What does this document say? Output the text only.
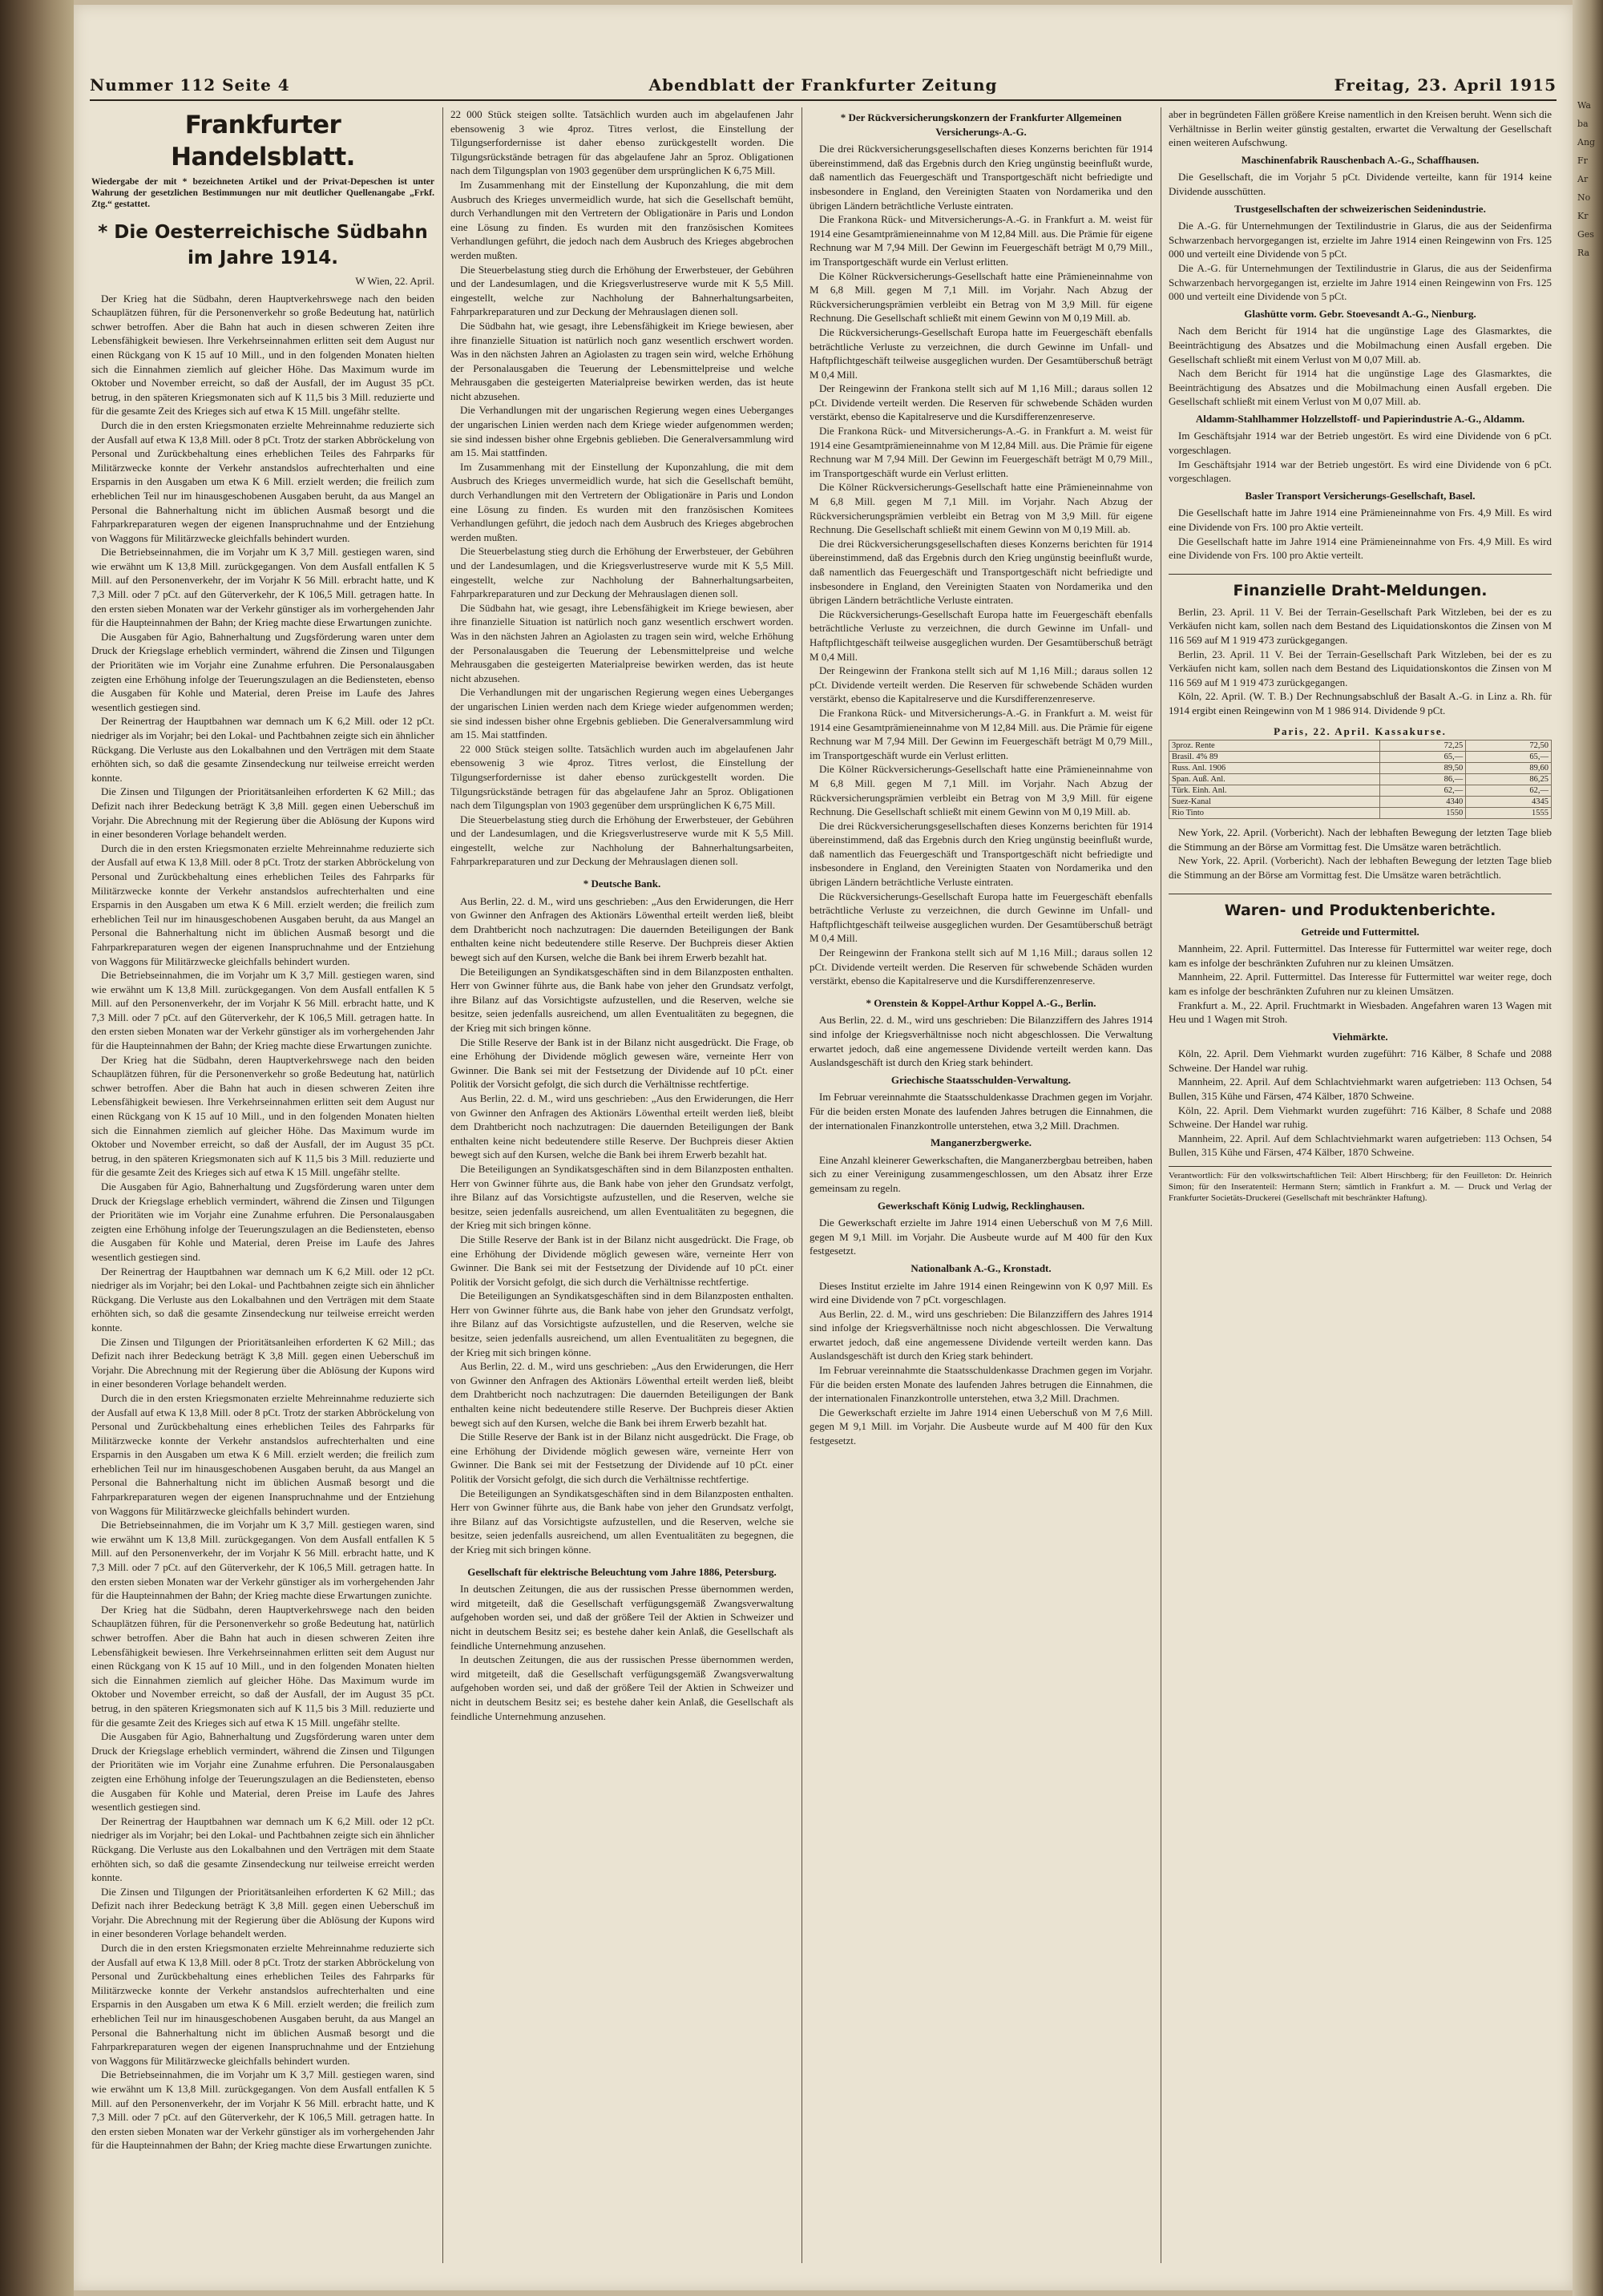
Nummer 112 Seite 4	Abendblatt der Frankfurter Zeitung	Freitag, 23. April 1915
Frankfurter Handelsblatt.
Wiedergabe der mit * bezeichneten Artikel und der Privat-Depeschen ist unter Wahrung der gesetzlichen Bestimmungen nur mit deutlicher Quellenangabe „Frkf. Ztg.“ gestattet.
* Die Oesterreichische Südbahn im Jahre 1914.
W Wien, 22. April.

Der Krieg hat die Südbahn, deren Hauptverkehrswege nach den beiden Schauplätzen führen, für die Personenverkehr so große Bedeutung hat, natürlich schwer betroffen. Aber die Bahn hat auch in diesen schweren Zeiten ihre Lebensfähigkeit bewiesen. Ihre Verkehrseinnahmen erlitten seit dem August nur einen Rückgang von K 15 auf 10 Mill., und in den folgenden Monaten hielten sich die Einnahmen ziemlich auf gleicher Höhe. Das Maximum wurde im Oktober und November erreicht, so daß der Ausfall, der im August 35 pCt. betrug, in den späteren Kriegsmonaten sich auf K 11,5 bis 3 Mill. reduzierte und für die gesamte Zeit des Krieges sich auf etwa K 15 Mill. ungefähr stellte.

Durch die in den ersten Kriegsmonaten erzielte Mehreinnahme reduzierte sich der Ausfall auf etwa K 13,8 Mill. oder 8 pCt. Trotz der starken Abbröckelung von Personal und Zurückbehaltung eines erheblichen Teiles des Fahrparks für Militärzwecke konnte der Verkehr anstandslos aufrechterhalten und eine Ersparnis in den Ausgaben um etwa K 6 Mill. erzielt werden; die freilich zum erheblichen Teil nur im hinausgeschobenen Ausgaben beruht, da aus Mangel an Personal die Bahnerhaltung nicht im üblichen Ausmaß besorgt und die Fahrparkreparaturen wegen der eigenen Inanspruchnahme und der Entziehung von Waggons für Militärzwecke gleichfalls behindert wurden.

Die Betriebseinnahmen, die im Vorjahr um K 3,7 Mill. gestiegen waren, sind wie erwähnt um K 13,8 Mill. zurückgegangen. Von dem Ausfall entfallen K 5 Mill. auf den Personenverkehr, der im Vorjahr K 56 Mill. erbracht hatte, und K 7,3 Mill. oder 7 pCt. auf den Güterverkehr, der K 106,5 Mill. getragen hatte. In den ersten sieben Monaten war der Verkehr günstiger als im vorhergehenden Jahr für die Haupteinnahmen der Bahn; der Krieg machte diese Erwartungen zunichte.

Die Ausgaben für Agio, Bahnerhaltung und Zugsförderung waren unter dem Druck der Kriegslage erheblich vermindert, während die Zinsen und Tilgungen der Prioritäten wie im Vorjahr eine Zunahme erfuhren. Die Personalausgaben zeigten eine Erhöhung infolge der Teuerungszulagen an die Bediensteten, ebenso die Ausgaben für Kohle und Material, deren Preise im Laufe des Jahres wesentlich gestiegen sind.

Der Reinertrag der Hauptbahnen war demnach um K 6,2 Mill. oder 12 pCt. niedriger als im Vorjahr; bei den Lokal- und Pachtbahnen zeigte sich ein ähnlicher Rückgang. Die Verluste aus den Lokalbahnen und den Verträgen mit dem Staate erhöhten sich, so daß die gesamte Zinsendeckung nur teilweise erreicht werden konnte.

Die Zinsen und Tilgungen der Prioritätsanleihen erforderten K 62 Mill.; das Defizit nach ihrer Bedeckung beträgt K 3,8 Mill. gegen einen Ueberschuß im Vorjahr. Die Abrechnung mit der Regierung über die Ablösung der Kupons wird in einer besonderen Vorlage behandelt werden.

Durch die in den ersten Kriegsmonaten erzielte Mehreinnahme reduzierte sich der Ausfall auf etwa K 13,8 Mill. oder 8 pCt. Trotz der starken Abbröckelung von Personal und Zurückbehaltung eines erheblichen Teiles des Fahrparks für Militärzwecke konnte der Verkehr anstandslos aufrechterhalten und eine Ersparnis in den Ausgaben um etwa K 6 Mill. erzielt werden; die freilich zum erheblichen Teil nur im hinausgeschobenen Ausgaben beruht, da aus Mangel an Personal die Bahnerhaltung nicht im üblichen Ausmaß besorgt und die Fahrparkreparaturen wegen der eigenen Inanspruchnahme und der Entziehung von Waggons für Militärzwecke gleichfalls behindert wurden.

Die Betriebseinnahmen, die im Vorjahr um K 3,7 Mill. gestiegen waren, sind wie erwähnt um K 13,8 Mill. zurückgegangen. Von dem Ausfall entfallen K 5 Mill. auf den Personenverkehr, der im Vorjahr K 56 Mill. erbracht hatte, und K 7,3 Mill. oder 7 pCt. auf den Güterverkehr, der K 106,5 Mill. getragen hatte. In den ersten sieben Monaten war der Verkehr günstiger als im vorhergehenden Jahr für die Haupteinnahmen der Bahn; der Krieg machte diese Erwartungen zunichte.

Der Krieg hat die Südbahn, deren Hauptverkehrswege nach den beiden Schauplätzen führen, für die Personenverkehr so große Bedeutung hat, natürlich schwer betroffen. Aber die Bahn hat auch in diesen schweren Zeiten ihre Lebensfähigkeit bewiesen. Ihre Verkehrseinnahmen erlitten seit dem August nur einen Rückgang von K 15 auf 10 Mill., und in den folgenden Monaten hielten sich die Einnahmen ziemlich auf gleicher Höhe. Das Maximum wurde im Oktober und November erreicht, so daß der Ausfall, der im August 35 pCt. betrug, in den späteren Kriegsmonaten sich auf K 11,5 bis 3 Mill. reduzierte und für die gesamte Zeit des Krieges sich auf etwa K 15 Mill. ungefähr stellte.

Die Ausgaben für Agio, Bahnerhaltung und Zugsförderung waren unter dem Druck der Kriegslage erheblich vermindert, während die Zinsen und Tilgungen der Prioritäten wie im Vorjahr eine Zunahme erfuhren. Die Personalausgaben zeigten eine Erhöhung infolge der Teuerungszulagen an die Bediensteten, ebenso die Ausgaben für Kohle und Material, deren Preise im Laufe des Jahres wesentlich gestiegen sind.

Der Reinertrag der Hauptbahnen war demnach um K 6,2 Mill. oder 12 pCt. niedriger als im Vorjahr; bei den Lokal- und Pachtbahnen zeigte sich ein ähnlicher Rückgang. Die Verluste aus den Lokalbahnen und den Verträgen mit dem Staate erhöhten sich, so daß die gesamte Zinsendeckung nur teilweise erreicht werden konnte.

Die Zinsen und Tilgungen der Prioritätsanleihen erforderten K 62 Mill.; das Defizit nach ihrer Bedeckung beträgt K 3,8 Mill. gegen einen Ueberschuß im Vorjahr. Die Abrechnung mit der Regierung über die Ablösung der Kupons wird in einer besonderen Vorlage behandelt werden.

Durch die in den ersten Kriegsmonaten erzielte Mehreinnahme reduzierte sich der Ausfall auf etwa K 13,8 Mill. oder 8 pCt. Trotz der starken Abbröckelung von Personal und Zurückbehaltung eines erheblichen Teiles des Fahrparks für Militärzwecke konnte der Verkehr anstandslos aufrechterhalten und eine Ersparnis in den Ausgaben um etwa K 6 Mill. erzielt werden; die freilich zum erheblichen Teil nur im hinausgeschobenen Ausgaben beruht, da aus Mangel an Personal die Bahnerhaltung nicht im üblichen Ausmaß besorgt und die Fahrparkreparaturen wegen der eigenen Inanspruchnahme und der Entziehung von Waggons für Militärzwecke gleichfalls behindert wurden.

Die Betriebseinnahmen, die im Vorjahr um K 3,7 Mill. gestiegen waren, sind wie erwähnt um K 13,8 Mill. zurückgegangen. Von dem Ausfall entfallen K 5 Mill. auf den Personenverkehr, der im Vorjahr K 56 Mill. erbracht hatte, und K 7,3 Mill. oder 7 pCt. auf den Güterverkehr, der K 106,5 Mill. getragen hatte. In den ersten sieben Monaten war der Verkehr günstiger als im vorhergehenden Jahr für die Haupteinnahmen der Bahn; der Krieg machte diese Erwartungen zunichte.

Der Krieg hat die Südbahn, deren Hauptverkehrswege nach den beiden Schauplätzen führen, für die Personenverkehr so große Bedeutung hat, natürlich schwer betroffen. Aber die Bahn hat auch in diesen schweren Zeiten ihre Lebensfähigkeit bewiesen. Ihre Verkehrseinnahmen erlitten seit dem August nur einen Rückgang von K 15 auf 10 Mill., und in den folgenden Monaten hielten sich die Einnahmen ziemlich auf gleicher Höhe. Das Maximum wurde im Oktober und November erreicht, so daß der Ausfall, der im August 35 pCt. betrug, in den späteren Kriegsmonaten sich auf K 11,5 bis 3 Mill. reduzierte und für die gesamte Zeit des Krieges sich auf etwa K 15 Mill. ungefähr stellte.

Die Ausgaben für Agio, Bahnerhaltung und Zugsförderung waren unter dem Druck der Kriegslage erheblich vermindert, während die Zinsen und Tilgungen der Prioritäten wie im Vorjahr eine Zunahme erfuhren. Die Personalausgaben zeigten eine Erhöhung infolge der Teuerungszulagen an die Bediensteten, ebenso die Ausgaben für Kohle und Material, deren Preise im Laufe des Jahres wesentlich gestiegen sind.

Der Reinertrag der Hauptbahnen war demnach um K 6,2 Mill. oder 12 pCt. niedriger als im Vorjahr; bei den Lokal- und Pachtbahnen zeigte sich ein ähnlicher Rückgang. Die Verluste aus den Lokalbahnen und den Verträgen mit dem Staate erhöhten sich, so daß die gesamte Zinsendeckung nur teilweise erreicht werden konnte.

Die Zinsen und Tilgungen der Prioritätsanleihen erforderten K 62 Mill.; das Defizit nach ihrer Bedeckung beträgt K 3,8 Mill. gegen einen Ueberschuß im Vorjahr. Die Abrechnung mit der Regierung über die Ablösung der Kupons wird in einer besonderen Vorlage behandelt werden.

Durch die in den ersten Kriegsmonaten erzielte Mehreinnahme reduzierte sich der Ausfall auf etwa K 13,8 Mill. oder 8 pCt. Trotz der starken Abbröckelung von Personal und Zurückbehaltung eines erheblichen Teiles des Fahrparks für Militärzwecke konnte der Verkehr anstandslos aufrechterhalten und eine Ersparnis in den Ausgaben um etwa K 6 Mill. erzielt werden; die freilich zum erheblichen Teil nur im hinausgeschobenen Ausgaben beruht, da aus Mangel an Personal die Bahnerhaltung nicht im üblichen Ausmaß besorgt und die Fahrparkreparaturen wegen der eigenen Inanspruchnahme und der Entziehung von Waggons für Militärzwecke gleichfalls behindert wurden.

Die Betriebseinnahmen, die im Vorjahr um K 3,7 Mill. gestiegen waren, sind wie erwähnt um K 13,8 Mill. zurückgegangen. Von dem Ausfall entfallen K 5 Mill. auf den Personenverkehr, der im Vorjahr K 56 Mill. erbracht hatte, und K 7,3 Mill. oder 7 pCt. auf den Güterverkehr, der K 106,5 Mill. getragen hatte. In den ersten sieben Monaten war der Verkehr günstiger als im vorhergehenden Jahr für die Haupteinnahmen der Bahn; der Krieg machte diese Erwartungen zunichte.

22 000 Stück steigen sollte. Tatsächlich wurden auch im abgelaufenen Jahr ebensowenig 3 wie 4proz. Titres verlost, die Einstellung der Tilgungserfordernisse ist daher ebenso zurückgestellt worden. Die Tilgungsrückstände betragen für das abgelaufene Jahr an 5proz. Obligationen nach dem Tilgungsplan von 1903 gegenüber dem ursprünglichen K 6,75 Mill.

Im Zusammenhang mit der Einstellung der Kuponzahlung, die mit dem Ausbruch des Krieges unvermeidlich wurde, hat sich die Gesellschaft bemüht, durch Verhandlungen mit den Vertretern der Obligationäre in Paris und London eine Lösung zu finden. Es wurden mit den französischen Komitees Verhandlungen geführt, die jedoch nach dem Ausbruch des Krieges abgebrochen werden mußten.

Die Steuerbelastung stieg durch die Erhöhung der Erwerbsteuer, der Gebühren und der Landesumlagen, und die Kriegsverlustreserve wurde mit K 5,5 Mill. eingestellt, welche zur Nachholung der Bahnerhaltungsarbeiten, Fahrparkreparaturen und zur Deckung der Mehrauslagen dienen soll.

Die Südbahn hat, wie gesagt, ihre Lebensfähigkeit im Kriege bewiesen, aber ihre finanzielle Situation ist natürlich noch ganz wesentlich erschwert worden. Was in den nächsten Jahren an Agiolasten zu tragen sein wird, welche Erhöhung der Personalausgaben die Teuerung der Lebensmittelpreise und welche Mehrausgaben die gesteigerten Materialpreise bewirken werden, das ist heute nicht abzusehen.

Die Verhandlungen mit der ungarischen Regierung wegen eines Ueberganges der ungarischen Linien werden nach dem Kriege wieder aufgenommen werden; sie sind indessen bisher ohne Ergebnis geblieben. Die Generalversammlung wird am 15. Mai stattfinden.

Im Zusammenhang mit der Einstellung der Kuponzahlung, die mit dem Ausbruch des Krieges unvermeidlich wurde, hat sich die Gesellschaft bemüht, durch Verhandlungen mit den Vertretern der Obligationäre in Paris und London eine Lösung zu finden. Es wurden mit den französischen Komitees Verhandlungen geführt, die jedoch nach dem Ausbruch des Krieges abgebrochen werden mußten.

Die Steuerbelastung stieg durch die Erhöhung der Erwerbsteuer, der Gebühren und der Landesumlagen, und die Kriegsverlustreserve wurde mit K 5,5 Mill. eingestellt, welche zur Nachholung der Bahnerhaltungsarbeiten, Fahrparkreparaturen und zur Deckung der Mehrauslagen dienen soll.

Die Südbahn hat, wie gesagt, ihre Lebensfähigkeit im Kriege bewiesen, aber ihre finanzielle Situation ist natürlich noch ganz wesentlich erschwert worden. Was in den nächsten Jahren an Agiolasten zu tragen sein wird, welche Erhöhung der Personalausgaben die Teuerung der Lebensmittelpreise und welche Mehrausgaben die gesteigerten Materialpreise bewirken werden, das ist heute nicht abzusehen.

Die Verhandlungen mit der ungarischen Regierung wegen eines Ueberganges der ungarischen Linien werden nach dem Kriege wieder aufgenommen werden; sie sind indessen bisher ohne Ergebnis geblieben. Die Generalversammlung wird am 15. Mai stattfinden.

22 000 Stück steigen sollte. Tatsächlich wurden auch im abgelaufenen Jahr ebensowenig 3 wie 4proz. Titres verlost, die Einstellung der Tilgungserfordernisse ist daher ebenso zurückgestellt worden. Die Tilgungsrückstände betragen für das abgelaufene Jahr an 5proz. Obligationen nach dem Tilgungsplan von 1903 gegenüber dem ursprünglichen K 6,75 Mill.

Die Steuerbelastung stieg durch die Erhöhung der Erwerbsteuer, der Gebühren und der Landesumlagen, und die Kriegsverlustreserve wurde mit K 5,5 Mill. eingestellt, welche zur Nachholung der Bahnerhaltungsarbeiten, Fahrparkreparaturen und zur Deckung der Mehrauslagen dienen soll.

* Deutsche Bank.

Aus Berlin, 22. d. M., wird uns geschrieben: „Aus den Erwiderungen, die Herr von Gwinner den Anfragen des Aktionärs Löwenthal erteilt werden ließ, bleibt dem Drahtbericht noch nachzutragen: Die dauernden Beteiligungen der Bank enthalten keine nicht bedeutendere stille Reserve. Der Buchpreis dieser Aktien bewegt sich auf den Kursen, welche die Bank bei ihrem Erwerb bezahlt hat.

Die Beteiligungen an Syndikatsgeschäften sind in dem Bilanzposten enthalten. Herr von Gwinner führte aus, die Bank habe von jeher den Grundsatz verfolgt, ihre Bilanz auf das Vorsichtigste aufzustellen, und die Reserven, welche sie besitze, seien jedenfalls ausreichend, um allen Eventualitäten zu begegnen, die der Krieg mit sich bringen könne.

Die Stille Reserve der Bank ist in der Bilanz nicht ausgedrückt. Die Frage, ob eine Erhöhung der Dividende möglich gewesen wäre, verneinte Herr von Gwinner. Die Bank sei mit der Festsetzung der Dividende auf 10 pCt. einer Politik der Vorsicht gefolgt, die sich durch die Verhältnisse rechtfertige.

Aus Berlin, 22. d. M., wird uns geschrieben: „Aus den Erwiderungen, die Herr von Gwinner den Anfragen des Aktionärs Löwenthal erteilt werden ließ, bleibt dem Drahtbericht noch nachzutragen: Die dauernden Beteiligungen der Bank enthalten keine nicht bedeutendere stille Reserve. Der Buchpreis dieser Aktien bewegt sich auf den Kursen, welche die Bank bei ihrem Erwerb bezahlt hat.

Die Beteiligungen an Syndikatsgeschäften sind in dem Bilanzposten enthalten. Herr von Gwinner führte aus, die Bank habe von jeher den Grundsatz verfolgt, ihre Bilanz auf das Vorsichtigste aufzustellen, und die Reserven, welche sie besitze, seien jedenfalls ausreichend, um allen Eventualitäten zu begegnen, die der Krieg mit sich bringen könne.

Die Stille Reserve der Bank ist in der Bilanz nicht ausgedrückt. Die Frage, ob eine Erhöhung der Dividende möglich gewesen wäre, verneinte Herr von Gwinner. Die Bank sei mit der Festsetzung der Dividende auf 10 pCt. einer Politik der Vorsicht gefolgt, die sich durch die Verhältnisse rechtfertige.

Die Beteiligungen an Syndikatsgeschäften sind in dem Bilanzposten enthalten. Herr von Gwinner führte aus, die Bank habe von jeher den Grundsatz verfolgt, ihre Bilanz auf das Vorsichtigste aufzustellen, und die Reserven, welche sie besitze, seien jedenfalls ausreichend, um allen Eventualitäten zu begegnen, die der Krieg mit sich bringen könne.

Aus Berlin, 22. d. M., wird uns geschrieben: „Aus den Erwiderungen, die Herr von Gwinner den Anfragen des Aktionärs Löwenthal erteilt werden ließ, bleibt dem Drahtbericht noch nachzutragen: Die dauernden Beteiligungen der Bank enthalten keine nicht bedeutendere stille Reserve. Der Buchpreis dieser Aktien bewegt sich auf den Kursen, welche die Bank bei ihrem Erwerb bezahlt hat.

Die Stille Reserve der Bank ist in der Bilanz nicht ausgedrückt. Die Frage, ob eine Erhöhung der Dividende möglich gewesen wäre, verneinte Herr von Gwinner. Die Bank sei mit der Festsetzung der Dividende auf 10 pCt. einer Politik der Vorsicht gefolgt, die sich durch die Verhältnisse rechtfertige.

Die Beteiligungen an Syndikatsgeschäften sind in dem Bilanzposten enthalten. Herr von Gwinner führte aus, die Bank habe von jeher den Grundsatz verfolgt, ihre Bilanz auf das Vorsichtigste aufzustellen, und die Reserven, welche sie besitze, seien jedenfalls ausreichend, um allen Eventualitäten zu begegnen, die der Krieg mit sich bringen könne.

Gesellschaft für elektrische Beleuchtung vom Jahre 1886, Petersburg.

In deutschen Zeitungen, die aus der russischen Presse übernommen werden, wird mitgeteilt, daß die Gesellschaft verfügungsgemäß Zwangsverwaltung aufgehoben worden sei, und daß der größere Teil der Aktien in Schweizer und nicht in deutschem Besitz sei; es bestehe daher kein Anlaß, die Gesellschaft als feindliche Unternehmung anzusehen.

In deutschen Zeitungen, die aus der russischen Presse übernommen werden, wird mitgeteilt, daß die Gesellschaft verfügungsgemäß Zwangsverwaltung aufgehoben worden sei, und daß der größere Teil der Aktien in Schweizer und nicht in deutschem Besitz sei; es bestehe daher kein Anlaß, die Gesellschaft als feindliche Unternehmung anzusehen.

* Der Rückversicherungskonzern der Frankfurter Allgemeinen Versicherungs-A.-G.

Die drei Rückversicherungsgesellschaften dieses Konzerns berichten für 1914 übereinstimmend, daß das Ergebnis durch den Krieg ungünstig beeinflußt wurde, daß namentlich das Feuergeschäft und Transportgeschäft nicht befriedigte und insbesondere in England, den Vereinigten Staaten von Nordamerika und den übrigen Ländern beträchtliche Verluste eintraten.

Die Frankona Rück- und Mitversicherungs-A.-G. in Frankfurt a. M. weist für 1914 eine Gesamtprämieneinnahme von M 12,84 Mill. aus. Die Prämie für eigene Rechnung war M 7,94 Mill. Der Gewinn im Feuergeschäft beträgt M 0,79 Mill., im Transportgeschäft wurde ein Verlust erlitten.

Die Kölner Rückversicherungs-Gesellschaft hatte eine Prämieneinnahme von M 6,8 Mill. gegen M 7,1 Mill. im Vorjahr. Nach Abzug der Rückversicherungsprämien verbleibt ein Betrag von M 3,9 Mill. für eigene Rechnung. Die Gesellschaft schließt mit einem Gewinn von M 0,19 Mill. ab.

Die Rückversicherungs-Gesellschaft Europa hatte im Feuergeschäft ebenfalls beträchtliche Verluste zu verzeichnen, die durch Gewinne im Unfall- und Haftpflichtgeschäft teilweise ausgeglichen wurden. Der Gesamtüberschuß beträgt M 0,4 Mill.

Der Reingewinn der Frankona stellt sich auf M 1,16 Mill.; daraus sollen 12 pCt. Dividende verteilt werden. Die Reserven für schwebende Schäden wurden verstärkt, ebenso die Kapitalreserve und die Kursdifferenzenreserve.

Die Frankona Rück- und Mitversicherungs-A.-G. in Frankfurt a. M. weist für 1914 eine Gesamtprämieneinnahme von M 12,84 Mill. aus. Die Prämie für eigene Rechnung war M 7,94 Mill. Der Gewinn im Feuergeschäft beträgt M 0,79 Mill., im Transportgeschäft wurde ein Verlust erlitten.

Die Kölner Rückversicherungs-Gesellschaft hatte eine Prämieneinnahme von M 6,8 Mill. gegen M 7,1 Mill. im Vorjahr. Nach Abzug der Rückversicherungsprämien verbleibt ein Betrag von M 3,9 Mill. für eigene Rechnung. Die Gesellschaft schließt mit einem Gewinn von M 0,19 Mill. ab.

Die drei Rückversicherungsgesellschaften dieses Konzerns berichten für 1914 übereinstimmend, daß das Ergebnis durch den Krieg ungünstig beeinflußt wurde, daß namentlich das Feuergeschäft und Transportgeschäft nicht befriedigte und insbesondere in England, den Vereinigten Staaten von Nordamerika und den übrigen Ländern beträchtliche Verluste eintraten.

Die Rückversicherungs-Gesellschaft Europa hatte im Feuergeschäft ebenfalls beträchtliche Verluste zu verzeichnen, die durch Gewinne im Unfall- und Haftpflichtgeschäft teilweise ausgeglichen wurden. Der Gesamtüberschuß beträgt M 0,4 Mill.

Der Reingewinn der Frankona stellt sich auf M 1,16 Mill.; daraus sollen 12 pCt. Dividende verteilt werden. Die Reserven für schwebende Schäden wurden verstärkt, ebenso die Kapitalreserve und die Kursdifferenzenreserve.

Die Frankona Rück- und Mitversicherungs-A.-G. in Frankfurt a. M. weist für 1914 eine Gesamtprämieneinnahme von M 12,84 Mill. aus. Die Prämie für eigene Rechnung war M 7,94 Mill. Der Gewinn im Feuergeschäft beträgt M 0,79 Mill., im Transportgeschäft wurde ein Verlust erlitten.

Die Kölner Rückversicherungs-Gesellschaft hatte eine Prämieneinnahme von M 6,8 Mill. gegen M 7,1 Mill. im Vorjahr. Nach Abzug der Rückversicherungsprämien verbleibt ein Betrag von M 3,9 Mill. für eigene Rechnung. Die Gesellschaft schließt mit einem Gewinn von M 0,19 Mill. ab.

Die drei Rückversicherungsgesellschaften dieses Konzerns berichten für 1914 übereinstimmend, daß das Ergebnis durch den Krieg ungünstig beeinflußt wurde, daß namentlich das Feuergeschäft und Transportgeschäft nicht befriedigte und insbesondere in England, den Vereinigten Staaten von Nordamerika und den übrigen Ländern beträchtliche Verluste eintraten.

Die Rückversicherungs-Gesellschaft Europa hatte im Feuergeschäft ebenfalls beträchtliche Verluste zu verzeichnen, die durch Gewinne im Unfall- und Haftpflichtgeschäft teilweise ausgeglichen wurden. Der Gesamtüberschuß beträgt M 0,4 Mill.

Der Reingewinn der Frankona stellt sich auf M 1,16 Mill.; daraus sollen 12 pCt. Dividende verteilt werden. Die Reserven für schwebende Schäden wurden verstärkt, ebenso die Kapitalreserve und die Kursdifferenzenreserve.

* Orenstein & Koppel-Arthur Koppel A.-G., Berlin.

Aus Berlin, 22. d. M., wird uns geschrieben: Die Bilanzziffern des Jahres 1914 sind infolge der Kriegsverhältnisse noch nicht abgeschlossen. Die Verwaltung erwartet jedoch, daß eine angemessene Dividende verteilt werden kann. Das Auslandsgeschäft ist durch den Krieg stark behindert.

Griechische Staatsschulden-Verwaltung.

Im Februar vereinnahmte die Staatsschuldenkasse Drachmen gegen im Vorjahr. Für die beiden ersten Monate des laufenden Jahres betrugen die Einnahmen, die der internationalen Finanzkontrolle unterstehen, etwa 3,2 Mill. Drachmen.

Manganerzbergwerke.

Eine Anzahl kleinerer Gewerkschaften, die Manganerzbergbau betreiben, haben sich zu einer Vereinigung zusammengeschlossen, um den Absatz ihrer Erze gemeinsam zu regeln.

Gewerkschaft König Ludwig, Recklinghausen.

Die Gewerkschaft erzielte im Jahre 1914 einen Ueberschuß von M 7,6 Mill. gegen M 9,1 Mill. im Vorjahr. Die Ausbeute wurde auf M 400 für den Kux festgesetzt.

Nationalbank A.-G., Kronstadt.

Dieses Institut erzielte im Jahre 1914 einen Reingewinn von K 0,97 Mill. Es wird eine Dividende von 7 pCt. vorgeschlagen.

Aus Berlin, 22. d. M., wird uns geschrieben: Die Bilanzziffern des Jahres 1914 sind infolge der Kriegsverhältnisse noch nicht abgeschlossen. Die Verwaltung erwartet jedoch, daß eine angemessene Dividende verteilt werden kann. Das Auslandsgeschäft ist durch den Krieg stark behindert.

Im Februar vereinnahmte die Staatsschuldenkasse Drachmen gegen im Vorjahr. Für die beiden ersten Monate des laufenden Jahres betrugen die Einnahmen, die der internationalen Finanzkontrolle unterstehen, etwa 3,2 Mill. Drachmen.

Die Gewerkschaft erzielte im Jahre 1914 einen Ueberschuß von M 7,6 Mill. gegen M 9,1 Mill. im Vorjahr. Die Ausbeute wurde auf M 400 für den Kux festgesetzt.

aber in begründeten Fällen größere Kreise namentlich in den Kreisen beruht. Wenn sich die Verhältnisse in Berlin weiter günstig gestalten, erwartet die Verwaltung der Gesellschaft einen weiteren Aufschwung.

Maschinenfabrik Rauschenbach A.-G., Schaffhausen.

Die Gesellschaft, die im Vorjahr 5 pCt. Dividende verteilte, kann für 1914 keine Dividende ausschütten.

Trustgesellschaften der schweizerischen Seidenindustrie.

Die A.-G. für Unternehmungen der Textilindustrie in Glarus, die aus der Seidenfirma Schwarzenbach hervorgegangen ist, erzielte im Jahre 1914 einen Reingewinn von Frs. 125 000 und verteilt eine Dividende von 5 pCt.

Die A.-G. für Unternehmungen der Textilindustrie in Glarus, die aus der Seidenfirma Schwarzenbach hervorgegangen ist, erzielte im Jahre 1914 einen Reingewinn von Frs. 125 000 und verteilt eine Dividende von 5 pCt.

Glashütte vorm. Gebr. Stoevesandt A.-G., Nienburg.

Nach dem Bericht für 1914 hat die ungünstige Lage des Glasmarktes, die Beeinträchtigung des Absatzes und die Mobilmachung einen Ausfall ergeben. Die Gesellschaft schließt mit einem Verlust von M 0,07 Mill. ab.

Nach dem Bericht für 1914 hat die ungünstige Lage des Glasmarktes, die Beeinträchtigung des Absatzes und die Mobilmachung einen Ausfall ergeben. Die Gesellschaft schließt mit einem Verlust von M 0,07 Mill. ab.

Aldamm-Stahlhammer Holzzellstoff- und Papierindustrie A.-G., Aldamm.

Im Geschäftsjahr 1914 war der Betrieb ungestört. Es wird eine Dividende von 6 pCt. vorgeschlagen.

Im Geschäftsjahr 1914 war der Betrieb ungestört. Es wird eine Dividende von 6 pCt. vorgeschlagen.

Basler Transport Versicherungs-Gesellschaft, Basel.

Die Gesellschaft hatte im Jahre 1914 eine Prämieneinnahme von Frs. 4,9 Mill. Es wird eine Dividende von Frs. 100 pro Aktie verteilt.

Die Gesellschaft hatte im Jahre 1914 eine Prämieneinnahme von Frs. 4,9 Mill. Es wird eine Dividende von Frs. 100 pro Aktie verteilt.

Finanzielle Draht-Meldungen.

Berlin, 23. April. 11 V. Bei der Terrain-Gesellschaft Park Witzleben, bei der es zu Verkäufen nicht kam, sollen nach dem Bestand des Liquidationskontos die Zinsen von M 116 569 auf M 1 919 473 zurückgegangen.

Berlin, 23. April. 11 V. Bei der Terrain-Gesellschaft Park Witzleben, bei der es zu Verkäufen nicht kam, sollen nach dem Bestand des Liquidationskontos die Zinsen von M 116 569 auf M 1 919 473 zurückgegangen.

Köln, 22. April. (W. T. B.) Der Rechnungsabschluß der Basalt A.-G. in Linz a. Rh. für 1914 ergibt einen Reingewinn von M 1 986 914. Dividende 9 pCt.

Paris, 22. April. Kassakurse.
3proz. Rente	72,25	72,50
Brasil. 4% 89	65,—	65,—
Russ. Anl. 1906	89,50	89,60
Span. Auß. Anl.	86,—	86,25
Türk. Einh. Anl.	62,—	62,—
Suez-Kanal	4340	4345
Rio Tinto	1550	1555

New York, 22. April. (Vorbericht). Nach der lebhaften Bewegung der letzten Tage blieb die Stimmung an der Börse am Vormittag fest. Die Umsätze waren beträchtlich.

New York, 22. April. (Vorbericht). Nach der lebhaften Bewegung der letzten Tage blieb die Stimmung an der Börse am Vormittag fest. Die Umsätze waren beträchtlich.

Waren- und Produktenberichte.
Getreide und Futtermittel.

Mannheim, 22. April. Futtermittel. Das Interesse für Futtermittel war weiter rege, doch kam es infolge der beschränkten Zufuhren nur zu kleinen Umsätzen.

Mannheim, 22. April. Futtermittel. Das Interesse für Futtermittel war weiter rege, doch kam es infolge der beschränkten Zufuhren nur zu kleinen Umsätzen.

Frankfurt a. M., 22. April. Fruchtmarkt in Wiesbaden. Angefahren waren 13 Wagen mit Heu und 1 Wagen mit Stroh.

Viehmärkte.

Köln, 22. April. Dem Viehmarkt wurden zugeführt: 716 Kälber, 8 Schafe und 2088 Schweine. Der Handel war ruhig.

Mannheim, 22. April. Auf dem Schlachtviehmarkt waren aufgetrieben: 113 Ochsen, 54 Bullen, 315 Kühe und Färsen, 474 Kälber, 1870 Schweine.

Köln, 22. April. Dem Viehmarkt wurden zugeführt: 716 Kälber, 8 Schafe und 2088 Schweine. Der Handel war ruhig.

Mannheim, 22. April. Auf dem Schlachtviehmarkt waren aufgetrieben: 113 Ochsen, 54 Bullen, 315 Kühe und Färsen, 474 Kälber, 1870 Schweine.

Verantwortlich: Für den volkswirtschaftlichen Teil: Albert Hirschberg; für den Feuilleton: Dr. Heinrich Simon; für den Inseratenteil: Hermann Stern; sämtlich in Frankfurt a. M. — Druck und Verlag der Frankfurter Societäts-Druckerei (Gesellschaft mit beschränkter Haftung).
Wa
ba
Ang
Fr
Ar
No
Kr
Ges
Ra
